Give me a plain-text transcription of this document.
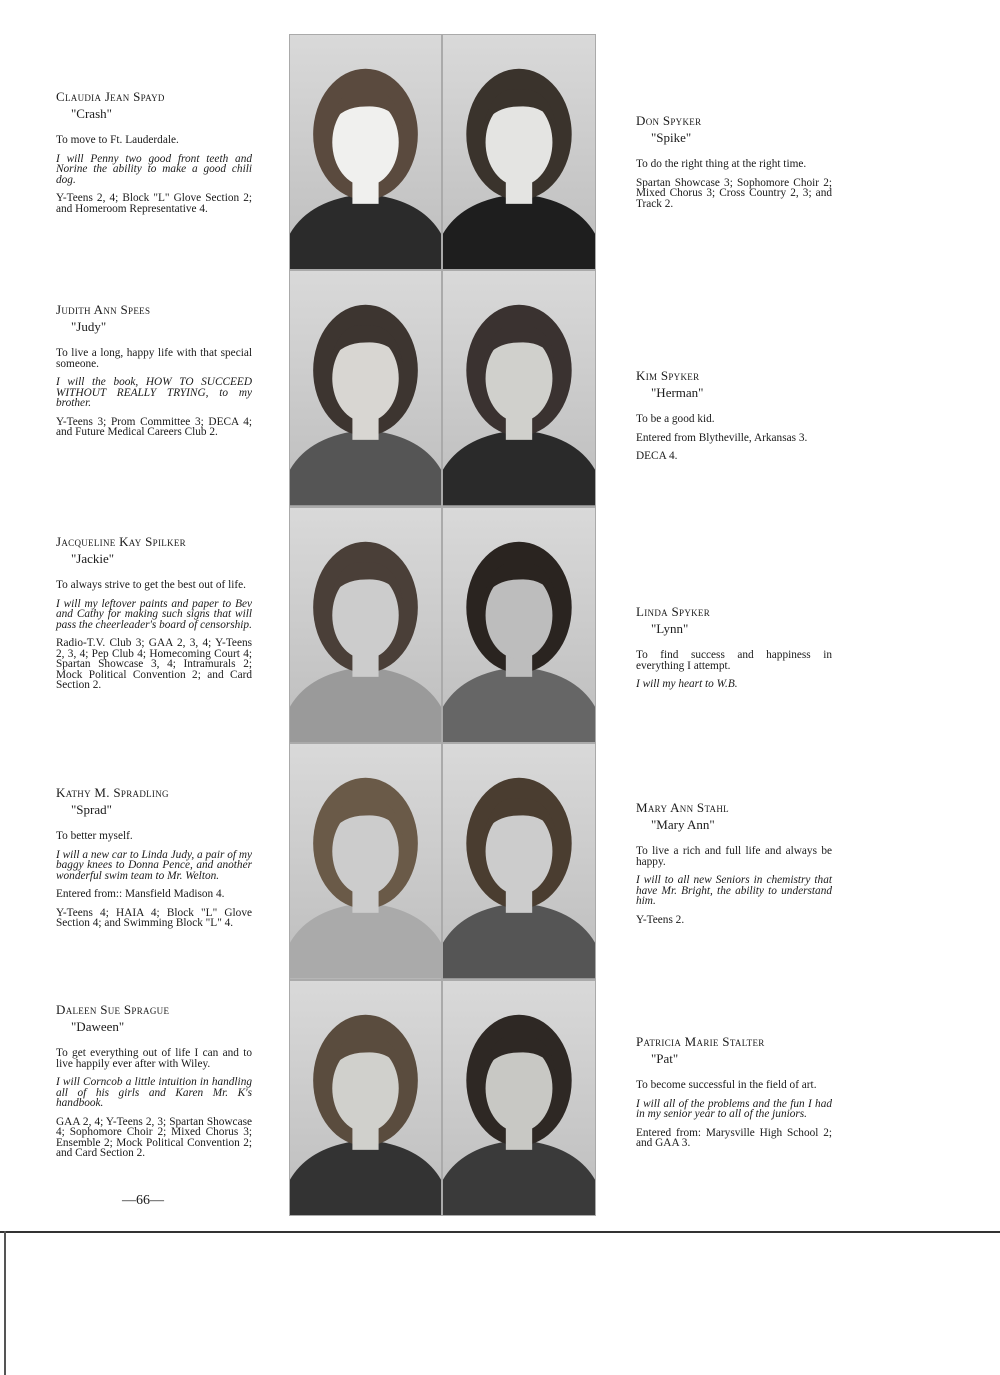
Claudia Jean Spayd
"Crash"

To move to Ft. Lauderdale.

I will Penny two good front teeth and Norine the ability to make a good chili dog.

Y-Teens 2, 4; Block "L" Glove Section 2; and Homeroom Representative 4.

Judith Ann Spees
"Judy"

To live a long, happy life with that special someone.

I will the book, HOW TO SUCCEED WITHOUT REALLY TRYING, to my brother.

Y-Teens 3; Prom Committee 3; DECA 4; and Future Medical Careers Club 2.

Jacqueline Kay Spilker
"Jackie"

To always strive to get the best out of life.

I will my leftover paints and paper to Bev and Cathy for making such signs that will pass the cheerleader's board of censorship.

Radio-T.V. Club 3; GAA 2, 3, 4; Y-Teens 2, 3, 4; Pep Club 4; Homecoming Court 4; Spartan Showcase 3, 4; Intramurals 2; Mock Political Convention 2; and Card Section 2.

Kathy M. Spradling
"Sprad"

To better myself.

I will a new car to Linda Judy, a pair of my baggy knees to Donna Pence, and another wonderful swim team to Mr. Welton.

Entered from:: Mansfield Madison 4.

Y-Teens 4; HAIA 4; Block "L" Glove Section 4; and Swimming Block "L" 4.

Daleen Sue Sprague
"Daween"

To get everything out of life I can and to live happily ever after with Wiley.

I will Corncob a little intuition in handling all of his girls and Karen Mr. K's handbook.

GAA 2, 4; Y-Teens 2, 3; Spartan Showcase 4; Sophomore Choir 2; Mixed Chorus 3; Ensemble 2; Mock Political Convention 2; and Card Section 2.

Don Spyker
"Spike"

To do the right thing at the right time.

Spartan Showcase 3; Sophomore Choir 2; Mixed Chorus 3; Cross Country 2, 3; and Track 2.

Kim Spyker
"Herman"

To be a good kid.

Entered from Blytheville, Arkansas 3.

DECA 4.

Linda Spyker
"Lynn"

To find success and happiness in everything I attempt.

I will my heart to W.B.

Mary Ann Stahl
"Mary Ann"

To live a rich and full life and always be happy.

I will to all new Seniors in chemistry that have Mr. Bright, the ability to understand him.

Y-Teens 2.

Patricia Marie Stalter
"Pat"

To become successful in the field of art.

I will all of the problems and the fun I had in my senior year to all of the juniors.

Entered from: Marysville High School 2; and GAA 3.

—66—
